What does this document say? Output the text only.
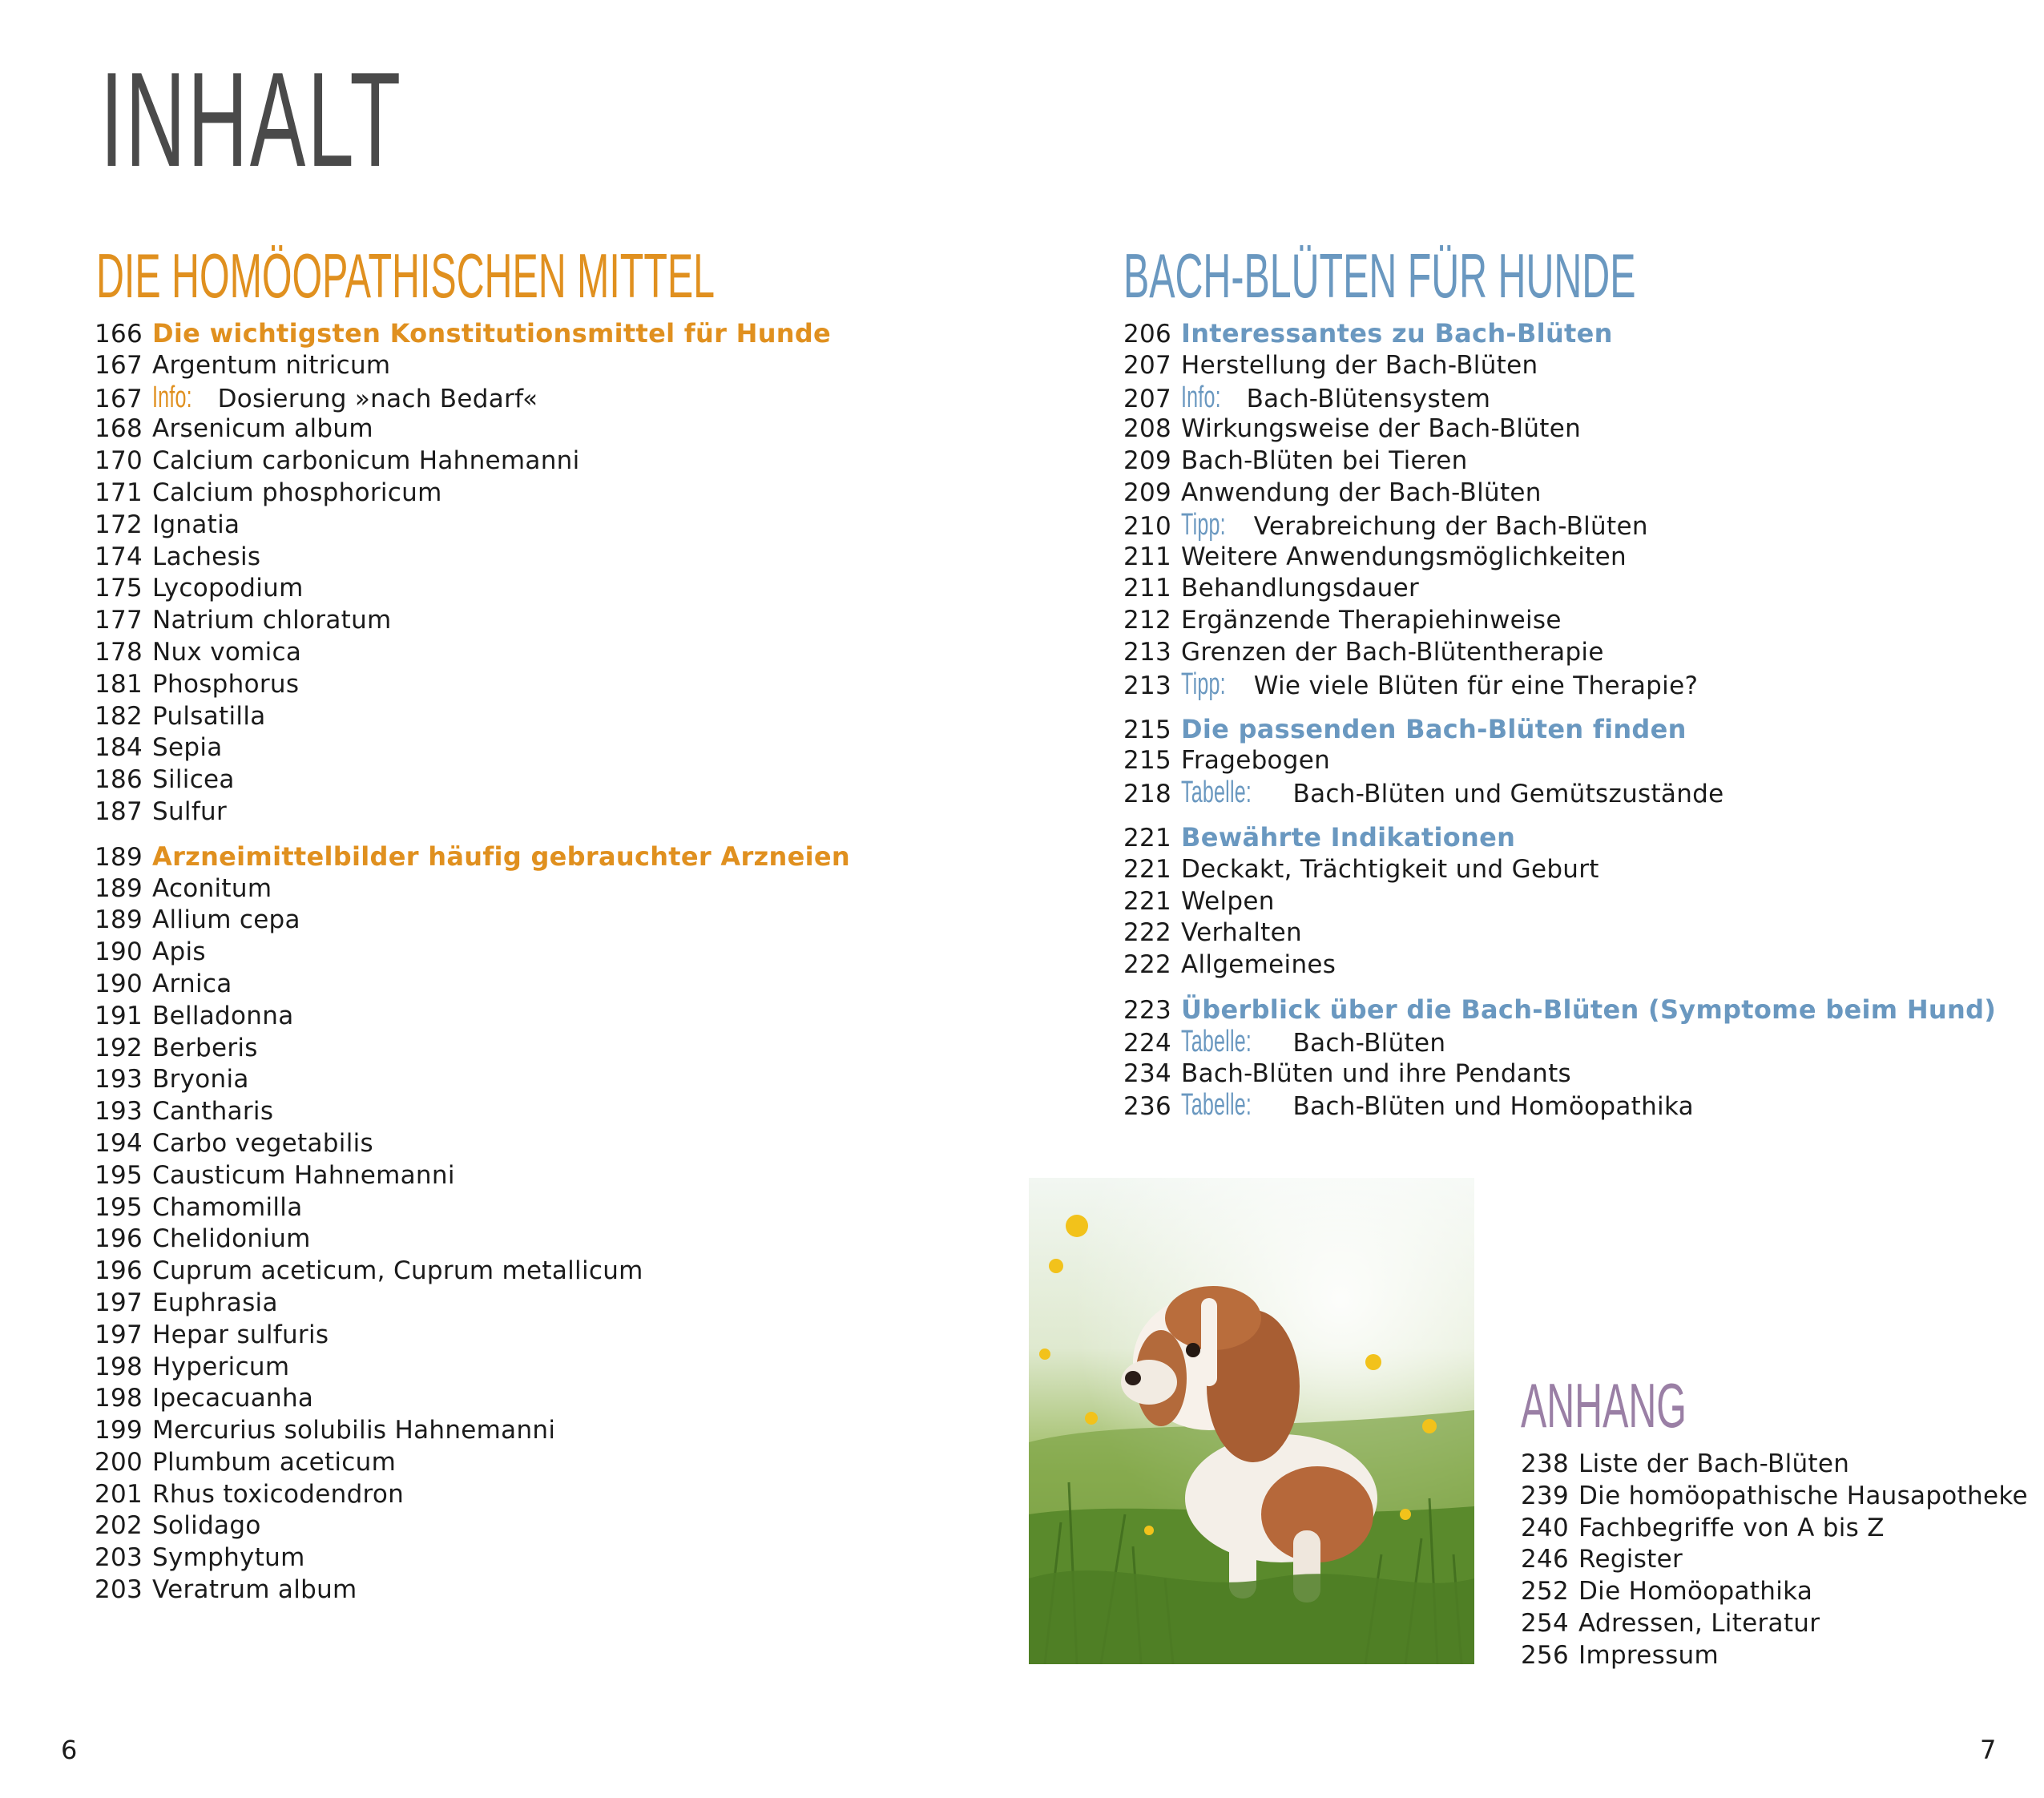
INHALT
DIE HOMÖOPATHISCHEN MITTEL
166 Die wichtigsten Konstitutionsmittel für Hunde
167 Argentum nitricum
167 Info: Dosierung »nach Bedarf«
168 Arsenicum album
170 Calcium carbonicum Hahnemanni
171 Calcium phosphoricum
172 Ignatia
174 Lachesis
175 Lycopodium
177 Natrium chloratum
178 Nux vomica
181 Phosphorus
182 Pulsatilla
184 Sepia
186 Silicea
187 Sulfur
189 Arzneimittelbilder häufig gebrauchter Arzneien
189 Aconitum
189 Allium cepa
190 Apis
190 Arnica
191 Belladonna
192 Berberis
193 Bryonia
193 Cantharis
194 Carbo vegetabilis
195 Causticum Hahnemanni
195 Chamomilla
196 Chelidonium
196 Cuprum aceticum, Cuprum metallicum
197 Euphrasia
197 Hepar sulfuris
198 Hypericum
198 Ipecacuanha
199 Mercurius solubilis Hahnemanni
200 Plumbum aceticum
201 Rhus toxicodendron
202 Solidago
203 Symphytum
203 Veratrum album
BACH-BLÜTEN FÜR HUNDE
206 Interessantes zu Bach-Blüten
207 Herstellung der Bach-Blüten
207 Info: Bach-Blütensystem
208 Wirkungsweise der Bach-Blüten
209 Bach-Blüten bei Tieren
209 Anwendung der Bach-Blüten
210 Tipp: Verabreichung der Bach-Blüten
211 Weitere Anwendungsmöglichkeiten
211 Behandlungsdauer
212 Ergänzende Therapiehinweise
213 Grenzen der Bach-Blütentherapie
213 Tipp: Wie viele Blüten für eine Therapie?
215 Die passenden Bach-Blüten finden
215 Fragebogen
218 Tabelle: Bach-Blüten und Gemütszustände
221 Bewährte Indikationen
221 Deckakt, Trächtigkeit und Geburt
221 Welpen
222 Verhalten
222 Allgemeines
223 Überblick über die Bach-Blüten (Symptome beim Hund)
224 Tabelle: Bach-Blüten
234 Bach-Blüten und ihre Pendants
236 Tabelle: Bach-Blüten und Homöopathika
ANHANG
238 Liste der Bach-Blüten
239 Die homöopathische Hausapotheke
240 Fachbegriffe von A bis Z
246 Register
252 Die Homöopathika
254 Adressen, Literatur
256 Impressum
6	7
